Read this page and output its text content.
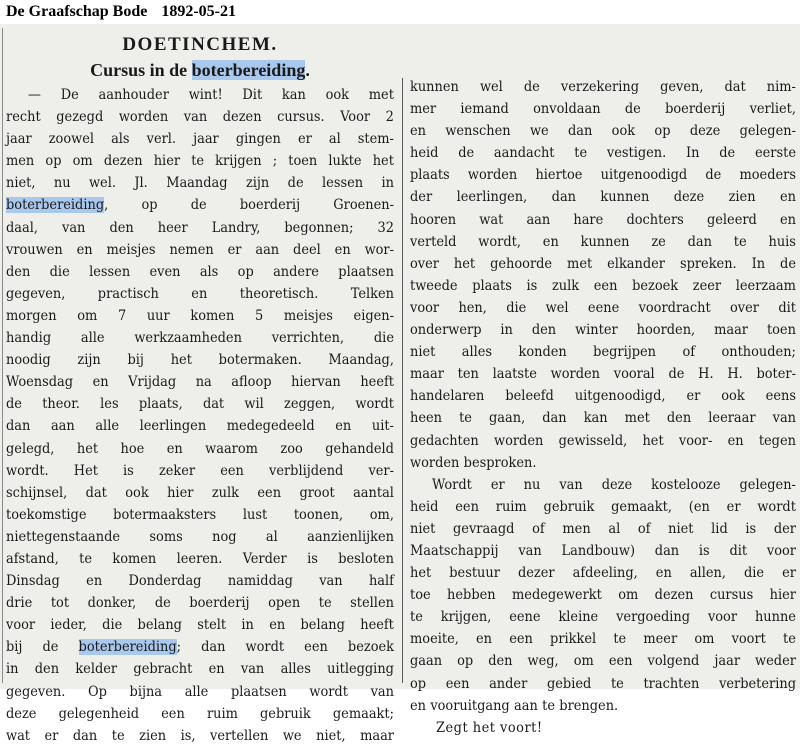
De Graafschap Bode 1892-05-21
DOETINCHEM.
Cursus in de boterbereiding.
— De aanhouder wint! Dit kan ook met
recht gezegd worden van dezen cursus. Voor 2
jaar zoowel als verl. jaar gingen er al stem-
men op om dezen hier te krijgen ; toen lukte het
niet, nu wel. Jl. Maandag zijn de lessen in
boterbereiding, op de boerderij Groenen-
daal, van den heer Landry, begonnen; 32
vrouwen en meisjes nemen er aan deel en wor-
den die lessen even als op andere plaatsen
gegeven, practisch en theoretisch. Telken
morgen om 7 uur komen 5 meisjes eigen-
handig alle werkzaamheden verrichten, die
noodig zijn bij het botermaken. Maandag,
Woensdag en Vrijdag na afloop hiervan heeft
de theor. les plaats, dat wil zeggen, wordt
dan aan alle leerlingen medegedeeld en uit-
gelegd, het hoe en waarom zoo gehandeld
wordt. Het is zeker een verblijdend ver-
schijnsel, dat ook hier zulk een groot aantal
toekomstige botermaaksters lust toonen, om,
niettegenstaande soms nog al aanzienlijken
afstand, te komen leeren. Verder is besloten
Dinsdag en Donderdag namiddag van half
drie tot donker, de boerderij open te stellen
voor ieder, die belang stelt in en belang heeft
bij de boterbereiding; dan wordt een bezoek
in den kelder gebracht en van alles uitlegging
gegeven. Op bijna alle plaatsen wordt van
deze gelegenheid een ruim gebruik gemaakt;
wat er dan te zien is, vertellen we niet, maar
kunnen wel de verzekering geven, dat nim-
mer iemand onvoldaan de boerderij verliet,
en wenschen we dan ook op deze gelegen-
heid de aandacht te vestigen. In de eerste
plaats worden hiertoe uitgenoodigd de moeders
der leerlingen, dan kunnen deze zien en
hooren wat aan hare dochters geleerd en
verteld wordt, en kunnen ze dan te huis
over het gehoorde met elkander spreken. In de
tweede plaats is zulk een bezoek zeer leerzaam
voor hen, die wel eene voordracht over dit
onderwerp in den winter hoorden, maar toen
niet alles konden begrijpen of onthouden;
maar ten laatste worden vooral de H. H. boter-
handelaren beleefd uitgenoodigd, er ook eens
heen te gaan, dan kan met den leeraar van
gedachten worden gewisseld, het voor- en tegen
worden besproken.
Wordt er nu van deze kostelooze gelegen-
heid een ruim gebruik gemaakt, (en er wordt
niet gevraagd of men al of niet lid is der
Maatschappij van Landbouw) dan is dit voor
het bestuur dezer afdeeling, en allen, die er
toe hebben medegewerkt om dezen cursus hier
te krijgen, eene kleine vergoeding voor hunne
moeite, en een prikkel te meer om voort te
gaan op den weg, om een volgend jaar weder
op een ander gebied te trachten verbetering
en vooruitgang aan te brengen.
Zegt het voort!
